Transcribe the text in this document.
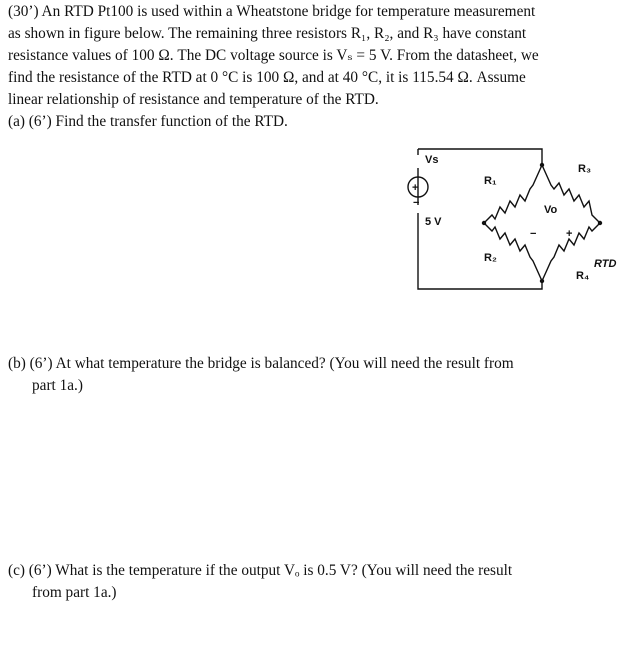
(30’) An RTD Pt100 is used within a Wheatstone bridge for temperature measurement
as shown in figure below. The remaining three resistors R₁, R₂, and R₃ have constant
resistance values of 100 Ω. The DC voltage source is Vₛ = 5 V. From the datasheet, we
find the resistance of the RTD at 0 °C is 100 Ω, and at 40 °C, it is 115.54 Ω. Assume
linear relationship of resistance and temperature of the RTD.
(a) (6’) Find the transfer function of the RTD.
Vs
+
−
5 V
R₁
R₃
R₂
R₄
RTD
Vo
−	+
(b) (6’) At what temperature the bridge is balanced? (You will need the result from
part 1a.)
(c) (6’) What is the temperature if the output Vₒ is 0.5 V? (You will need the result
from part 1a.)
